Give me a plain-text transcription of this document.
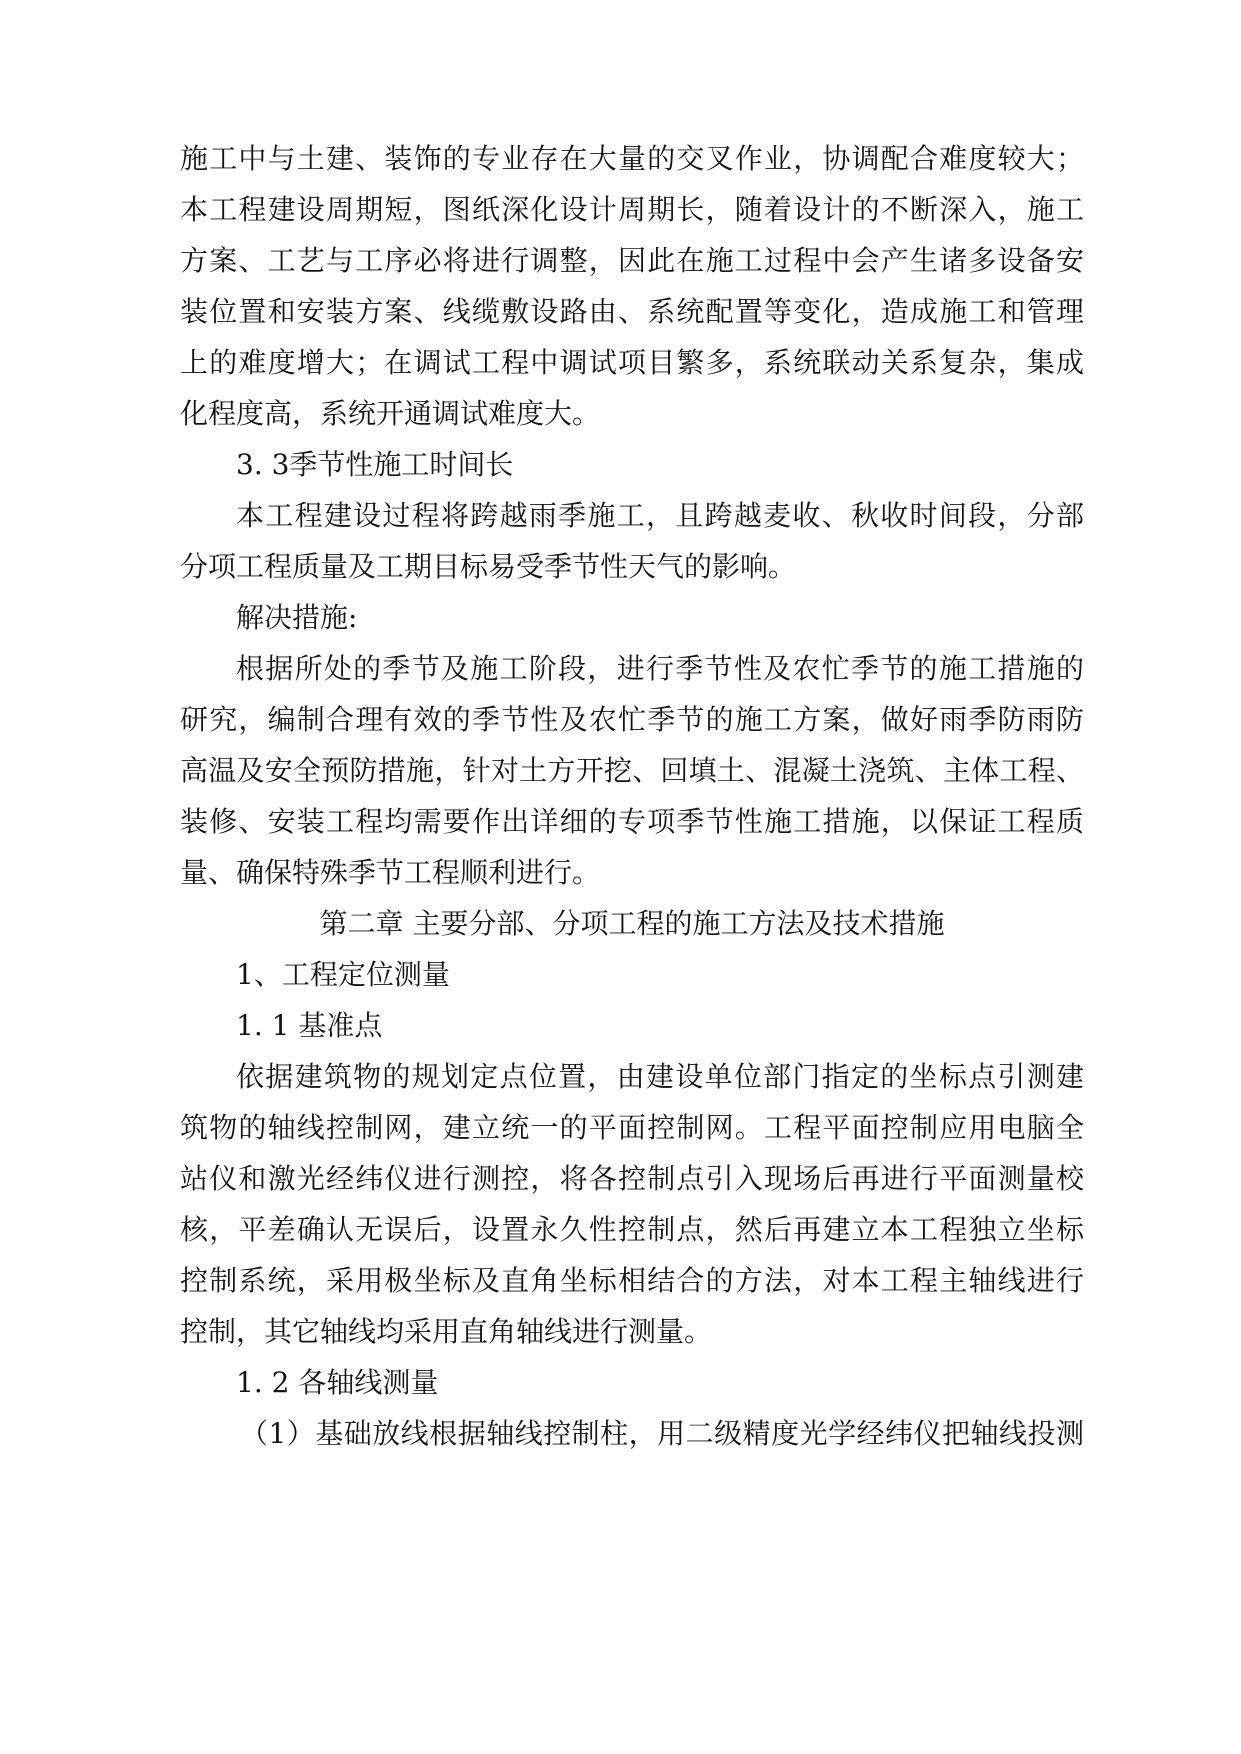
施工中与土建、装饰的专业存在大量的交叉作业，协调配合难度较大；
本工程建设周期短，图纸深化设计周期长，随着设计的不断深入，施工
方案、工艺与工序必将进行调整，因此在施工过程中会产生诸多设备安
装位置和安装方案、线缆敷设路由、系统配置等变化，造成施工和管理
上的难度增大；在调试工程中调试项目繁多，系统联动关系复杂，集成
化程度高，系统开通调试难度大。
3. 3季节性施工时间长
本工程建设过程将跨越雨季施工，且跨越麦收、秋收时间段，分部
分项工程质量及工期目标易受季节性天气的影响。
解决措施:
根据所处的季节及施工阶段，进行季节性及农忙季节的施工措施的
研究，编制合理有效的季节性及农忙季节的施工方案，做好雨季防雨防
高温及安全预防措施，针对土方开挖、回填土、混凝土浇筑、主体工程、
装修、安装工程均需要作出详细的专项季节性施工措施，以保证工程质
量、确保特殊季节工程顺利进行。
第二章 主要分部、分项工程的施工方法及技术措施
1、工程定位测量
1. 1 基准点
依据建筑物的规划定点位置，由建设单位部门指定的坐标点引测建
筑物的轴线控制网，建立统一的平面控制网。工程平面控制应用电脑全
站仪和激光经纬仪进行测控，将各控制点引入现场后再进行平面测量校
核，平差确认无误后，设置永久性控制点，然后再建立本工程独立坐标
控制系统，采用极坐标及直角坐标相结合的方法，对本工程主轴线进行
控制，其它轴线均采用直角轴线进行测量。
1. 2 各轴线测量
（1）基础放线根据轴线控制柱，用二级精度光学经纬仪把轴线投测
